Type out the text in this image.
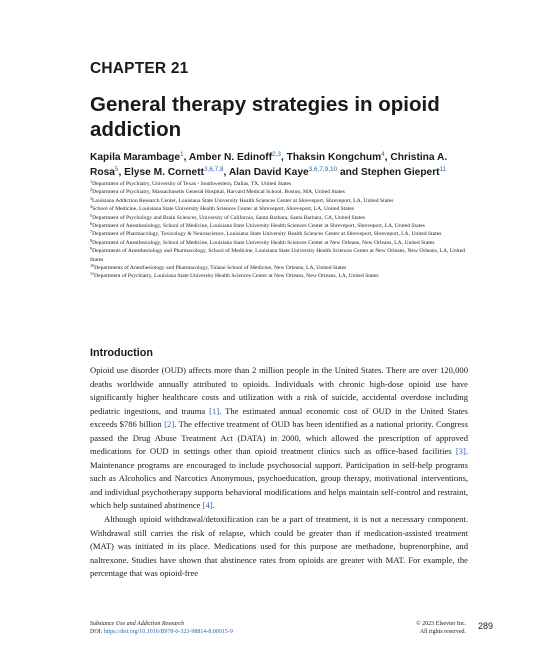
CHAPTER 21
General therapy strategies in opioid addiction
Kapila Marambage$^1$, Amber N. Edinoff$^{2,3}$, Thaksin Kongchum$^4$, Christina A. Rosa$^5$, Elyse M. Cornett$^{3,6,7,8}$, Alan David Kaye$^{3,6,7,9,10}$ and Stephen Giepert$^{11}$
$^1$Department of Psychiatry, University of Texas - Southwestern, Dallas, TX, United States
$^2$Department of Psychiatry, Massachusetts General Hospital, Harvard Medical School, Boston, MA, United States
$^3$Louisiana Addiction Research Center, Louisiana State University Health Sciences Center at Shreveport, Shreveport, LA, United States
$^4$School of Medicine, Louisiana State University Health Sciences Center at Shreveport, Shreveport, LA, United States
$^5$Department of Psychology and Brain Sciences, University of California, Santa Barbara, Santa Barbara, CA, United States
$^6$Department of Anesthesiology, School of Medicine, Louisiana State University Health Sciences Center at Shreveport, Shreveport, LA, United States
$^7$Department of Pharmacology, Toxicology & Neuroscience, Louisiana State University Health Sciences Center at Shreveport, Shreveport, LA, United States
$^8$Department of Anesthesiology, School of Medicine, Louisiana State University Health Sciences Center at New Orleans, New Orleans, LA, United States
$^9$Departments of Anesthesiology and Pharmacology, School of Medicine, Louisiana State University Health Sciences Center at New Orleans, New Orleans, LA, United States
$^{10}$Departments of Anesthesiology and Pharmacology, Tulane School of Medicine, New Orleans, LA, United States
$^{11}$Department of Psychiatry, Louisiana State University Health Sciences Center at New Orleans, New Orleans, LA, United States
Introduction

Opioid use disorder (OUD) affects more than 2 million people in the United States. There are over 120,000 deaths worldwide annually attributed to opioids. Individuals with chronic high-dose opioid use have significantly higher healthcare costs and utilization with a risk of suicide, accidental overdose including pediatric ingestions, and trauma [1]. The estimated annual economic cost of OUD in the United States exceeds $786 billion [2]. The effective treatment of OUD has been identified as a national priority. Congress passed the Drug Abuse Treatment Act (DATA) in 2000, which allowed the prescription of approved medications for OUD in settings other than opioid treatment clinics such as office-based facilities [3]. Maintenance programs are encouraged to include psychosocial support. Participation in self-help programs such as Alcoholics and Narcotics Anonymous, psychoeducation, group therapy, motivational interventions, and individual psychotherapy supports behavioral modifications and helps maintain self-control and restraint, which help sustained abstinence [4].

Although opioid withdrawal/detoxification can be a part of treatment, it is not a necessary component. Withdrawal still carries the risk of relapse, which could be greater than if medication-assisted treatment (MAT) was initiated in its place. Medications used for this purpose are methadone, buprenorphine, and naltrexone. Studies have shown that abstinence rates from opioids are greater with MAT. For example, the percentage that was opioid-free

Substance Use and Addiction Research
DOI: https://doi.org/10.1016/B978-0-323-98814-8.00015-9
© 2023 Elsevier Inc.
All rights reserved.
289
